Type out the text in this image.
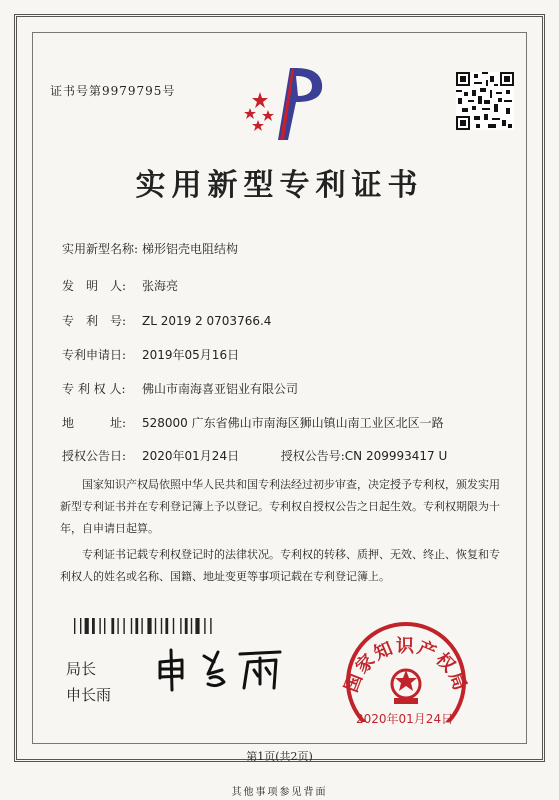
证书号第9979795号
实用新型专利证书
实用新型名称: 梯形铝壳电阻结构
发　明　人: 张海亮
专　利　号: ZL 2019 2 0703766.4
专利申请日: 2019年05月16日
专 利 权 人: 佛山市南海喜亚铝业有限公司
地　　　址: 528000 广东省佛山市南海区狮山镇山南工业区北区一路
授权公告日: 2020年01月24日	授权公告号:CN 209993417 U
国家知识产权局依照中华人民共和国专利法经过初步审查，决定授予专利权，颁发实用新型专利证书并在专利登记簿上予以登记。专利权自授权公告之日起生效。专利权期限为十年，自申请日起算。
专利证书记载专利权登记时的法律状况。专利权的转移、质押、无效、终止、恢复和专利权人的姓名或名称、国籍、地址变更等事项记载在专利登记簿上。
局长
申长雨	国家知识产权局
2020年01月24日
第1页(共2页)
其他事项参见背面
